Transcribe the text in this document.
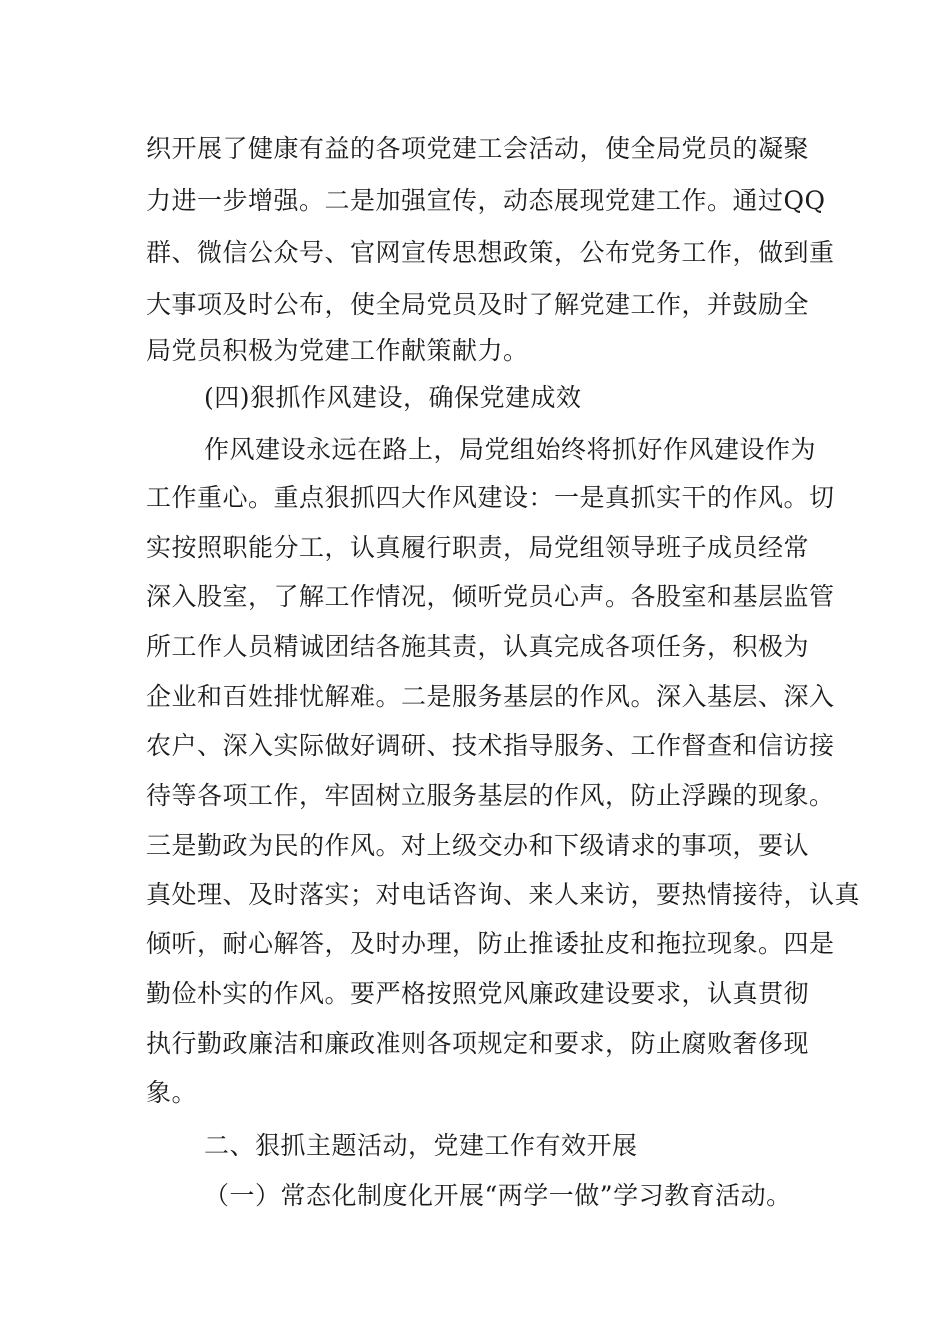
织开展了健康有益的各项党建工会活动，使全局党员的凝聚
力进一步增强。二是加强宣传，动态展现党建工作。通过QQ
群、微信公众号、官网宣传思想政策，公布党务工作，做到重
大事项及时公布，使全局党员及时了解党建工作，并鼓励全
局党员积极为党建工作献策献力。
(四)狠抓作风建设，确保党建成效
作风建设永远在路上，局党组始终将抓好作风建设作为
工作重心。重点狠抓四大作风建设：一是真抓实干的作风。切
实按照职能分工，认真履行职责，局党组领导班子成员经常
深入股室，了解工作情况，倾听党员心声。各股室和基层监管
所工作人员精诚团结各施其责，认真完成各项任务，积极为
企业和百姓排忧解难。二是服务基层的作风。深入基层、深入
农户、深入实际做好调研、技术指导服务、工作督查和信访接
待等各项工作，牢固树立服务基层的作风，防止浮躁的现象。
三是勤政为民的作风。对上级交办和下级请求的事项，要认
真处理、及时落实；对电话咨询、来人来访，要热情接待，认真
倾听，耐心解答，及时办理，防止推诿扯皮和拖拉现象。四是
勤俭朴实的作风。要严格按照党风廉政建设要求，认真贯彻
执行勤政廉洁和廉政准则各项规定和要求，防止腐败奢侈现
象。
二、狠抓主题活动，党建工作有效开展
（一）常态化制度化开展“两学一做”学习教育活动。
